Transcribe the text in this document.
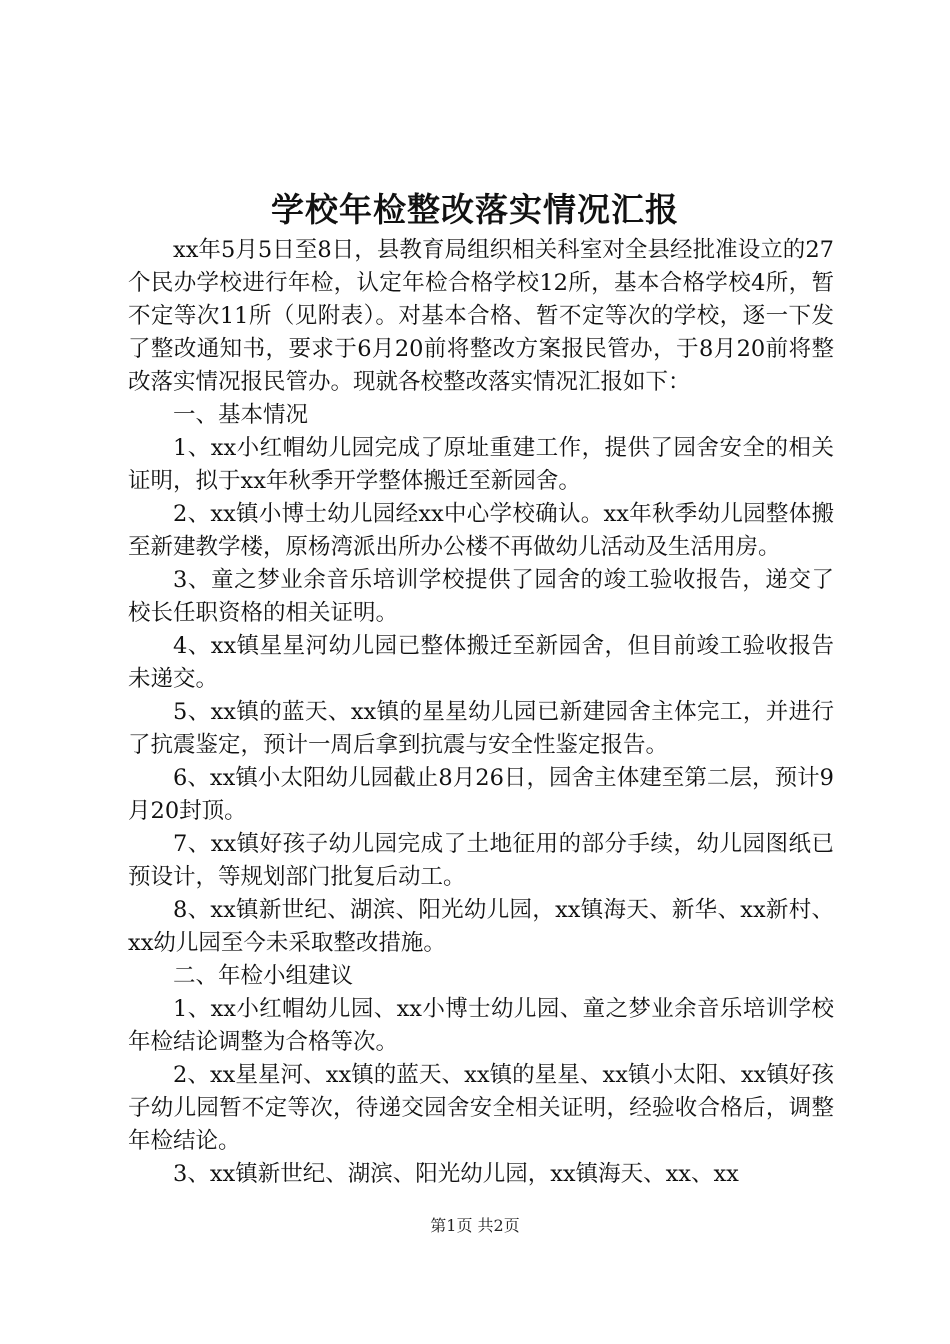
学校年检整改落实情况汇报

xx年5月5日至8日，县教育局组织相关科室对全县经批准设立的27个民办学校进行年检，认定年检合格学校12所，基本合格学校4所，暂不定等次11所（见附表）。对基本合格、暂不定等次的学校，逐一下发了整改通知书，要求于6月20前将整改方案报民管办，于8月20前将整改落实情况报民管办。现就各校整改落实情况汇报如下：

一、基本情况

1、xx小红帽幼儿园完成了原址重建工作，提供了园舍安全的相关证明，拟于xx年秋季开学整体搬迁至新园舍。

2、xx镇小博士幼儿园经xx中心学校确认。xx年秋季幼儿园整体搬至新建教学楼，原杨湾派出所办公楼不再做幼儿活动及生活用房。

3、童之梦业余音乐培训学校提供了园舍的竣工验收报告，递交了校长任职资格的相关证明。

4、xx镇星星河幼儿园已整体搬迁至新园舍，但目前竣工验收报告未递交。

5、xx镇的蓝天、xx镇的星星幼儿园已新建园舍主体完工，并进行了抗震鉴定，预计一周后拿到抗震与安全性鉴定报告。

6、xx镇小太阳幼儿园截止8月26日，园舍主体建至第二层，预计9月20封顶。

7、xx镇好孩子幼儿园完成了土地征用的部分手续，幼儿园图纸已预设计，等规划部门批复后动工。

8、xx镇新世纪、湖滨、阳光幼儿园，xx镇海天、新华、xx新村、xx幼儿园至今未采取整改措施。

二、年检小组建议

1、xx小红帽幼儿园、xx小博士幼儿园、童之梦业余音乐培训学校年检结论调整为合格等次。

2、xx星星河、xx镇的蓝天、xx镇的星星、xx镇小太阳、xx镇好孩子幼儿园暂不定等次，待递交园舍安全相关证明，经验收合格后，调整年检结论。

3、xx镇新世纪、湖滨、阳光幼儿园，xx镇海天、xx、xx

第1页 共2页
